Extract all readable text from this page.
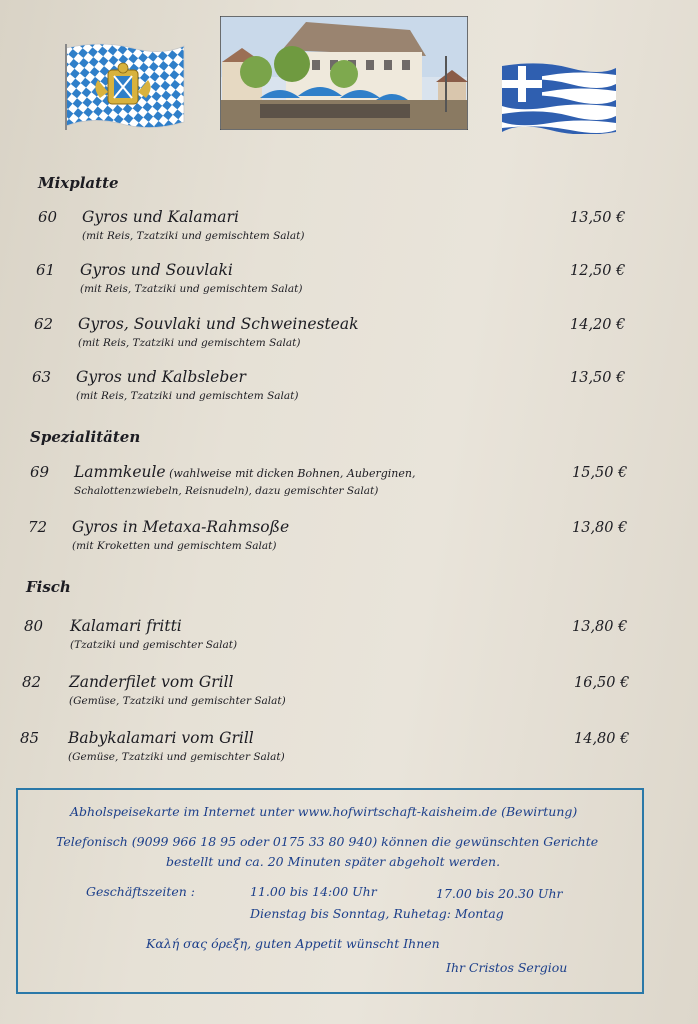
Mixplatte
60 Gyros und Kalamari
(mit Reis, Tzatziki und gemischtem Salat)
13,50 €
61 Gyros und Souvlaki
(mit Reis, Tzatziki und gemischtem Salat)
12,50 €
62 Gyros, Souvlaki und Schweinesteak
(mit Reis, Tzatziki und gemischtem Salat)
14,20 €
63 Gyros und Kalbsleber
(mit Reis, Tzatziki und gemischtem Salat)
13,50 €
Spezialitäten
69 Lammkeule (wahlweise mit dicken Bohnen, Auberginen,
Schalottenzwiebeln, Reisnudeln), dazu gemischter Salat)
15,50 €
72 Gyros in Metaxa-Rahmsoße
(mit Kroketten und gemischtem Salat)
13,80 €
Fisch
80 Kalamari fritti
(Tzatziki und gemischter Salat)
13,80 €
82 Zanderfilet vom Grill
(Gemüse, Tzatziki und gemischter Salat)
16,50 €
85 Babykalamari vom Grill
(Gemüse, Tzatziki und gemischter Salat)
14,80 €
Abholspeisekarte im Internet unter www.hofwirtschaft-kaisheim.de (Bewirtung)
Telefonisch (9099 966 18 95 oder 0175 33 80 940) können die gewünschten Gerichte
bestellt und ca. 20 Minuten später abgeholt werden.
Geschäftszeiten :	11.00 bis 14:00 Uhr	17.00 bis 20.30 Uhr
Dienstag bis Sonntag, Ruhetag: Montag
Καλή σας όρεξη, guten Appetit wünscht Ihnen
Ihr Cristos Sergiou
